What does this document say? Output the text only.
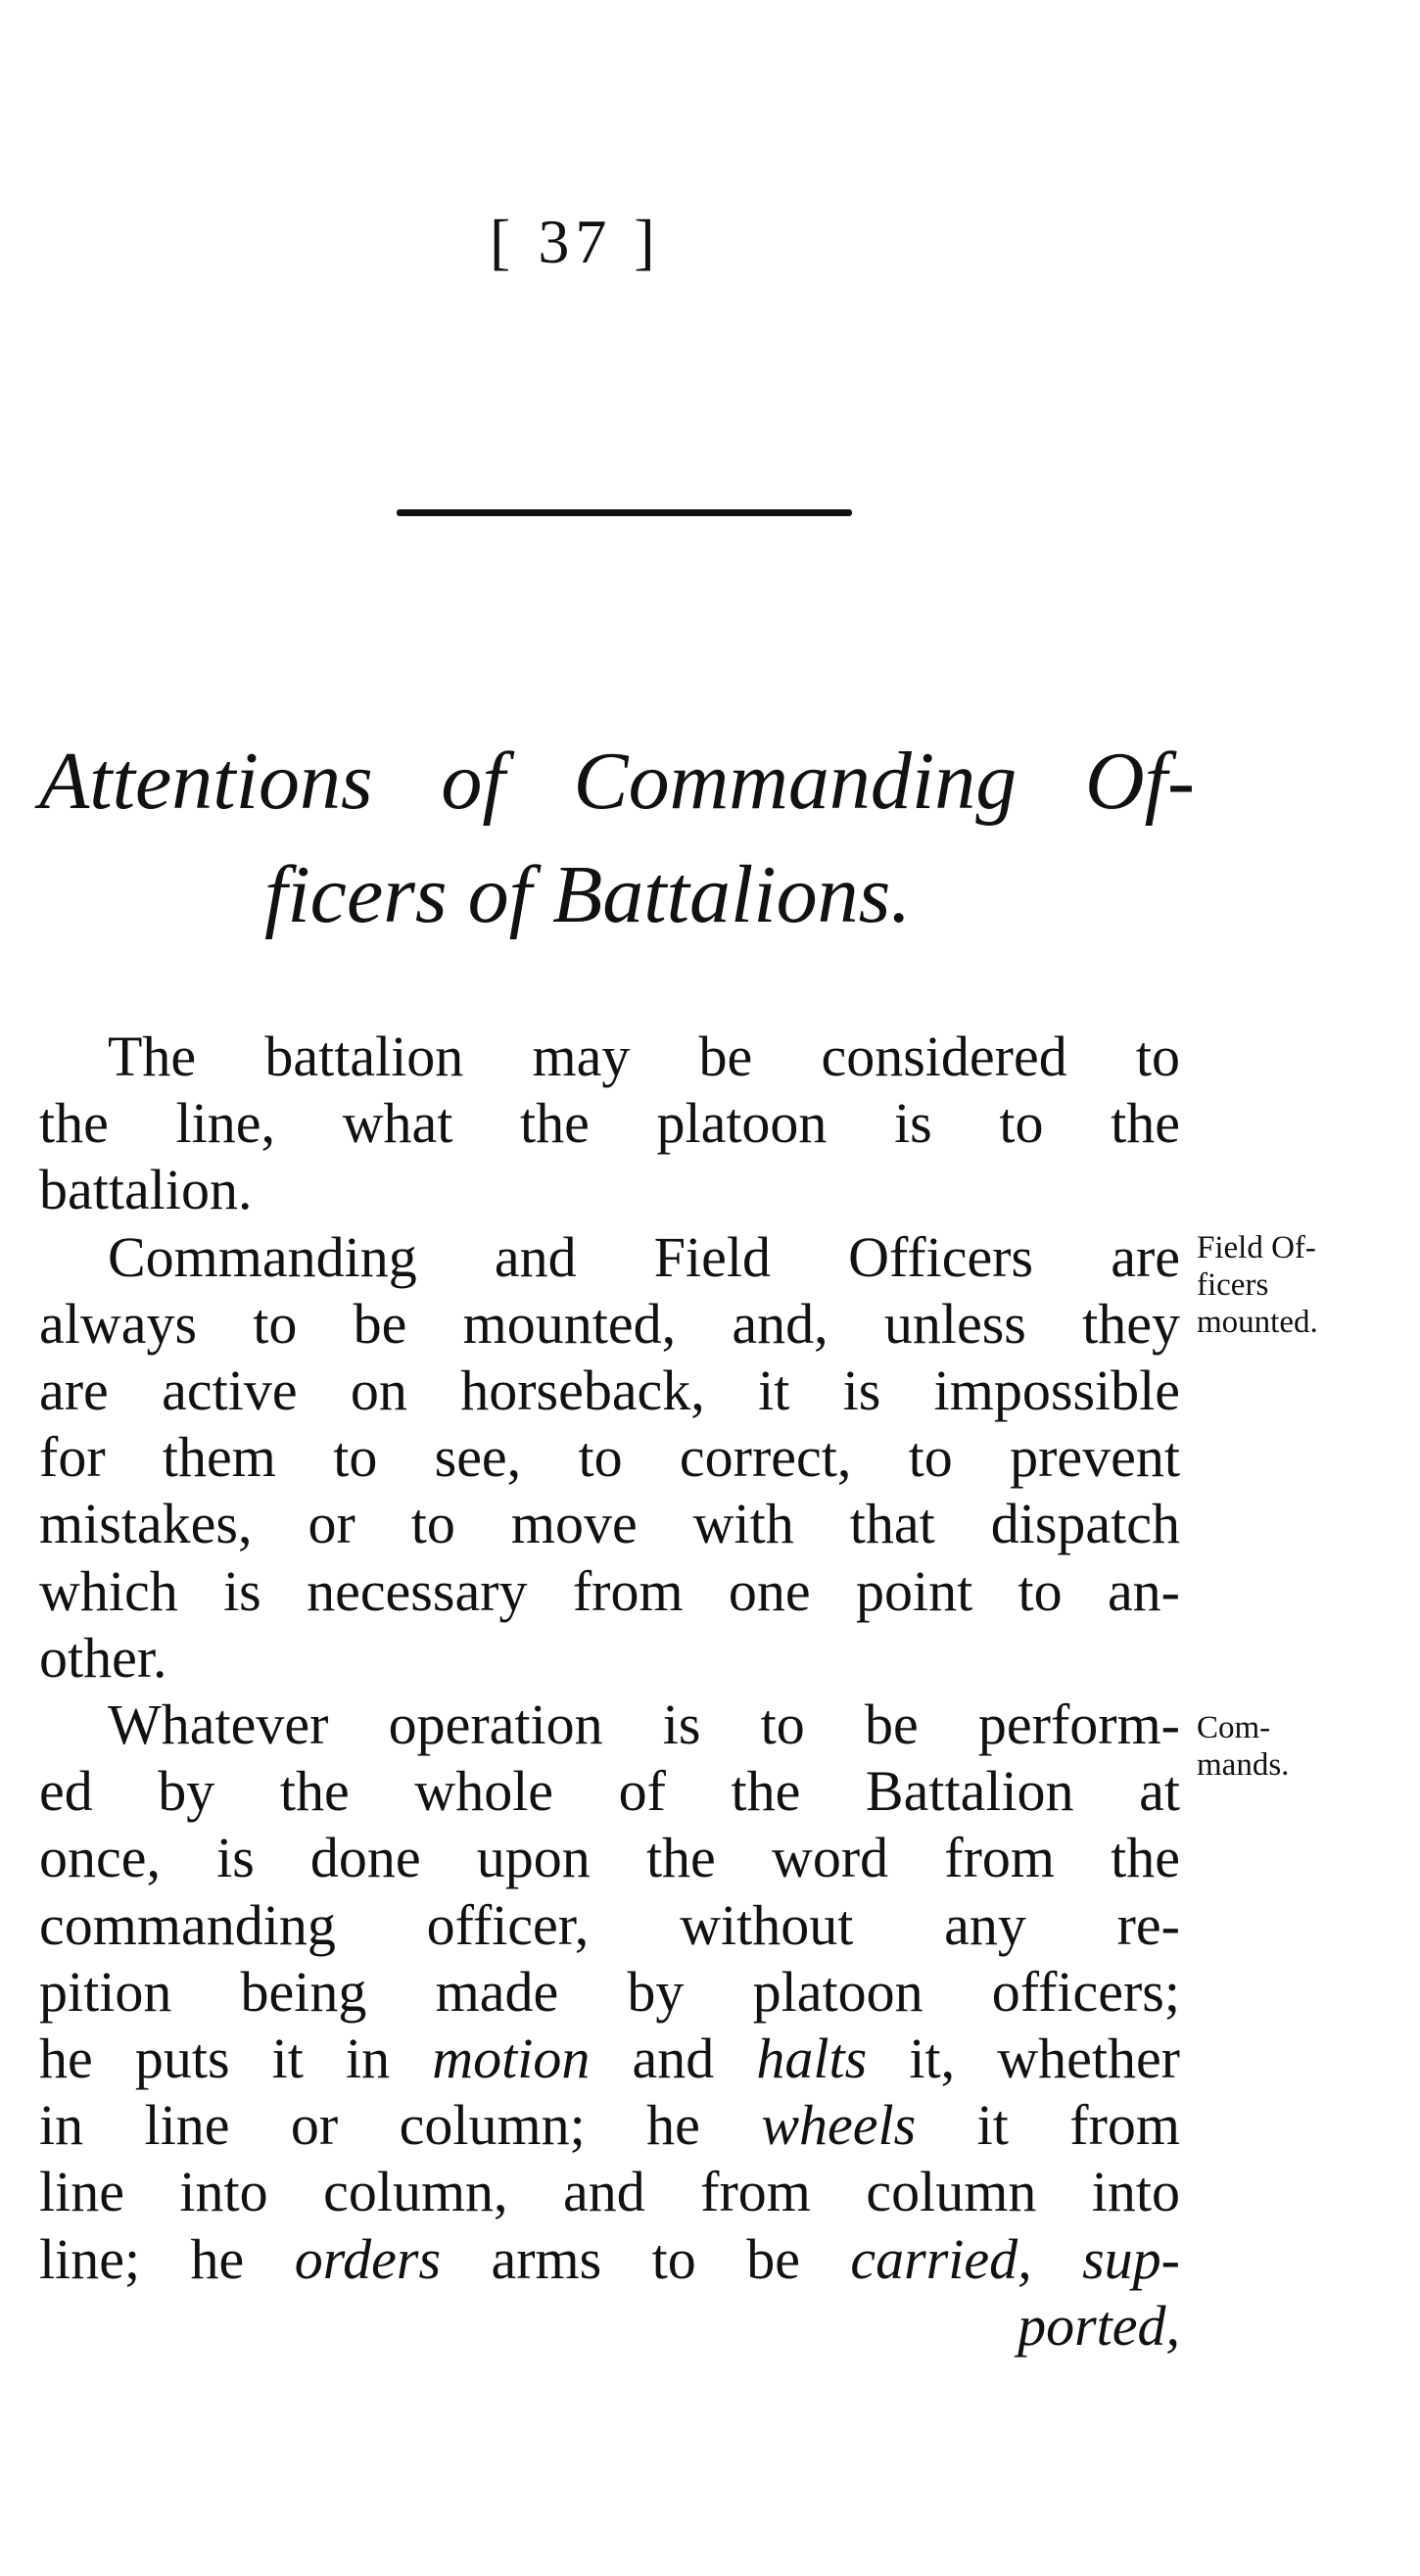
[ 37 ]
Attentions of Commanding Of-
ficers of Battalions.

The battalion may be considered to
the line, what the platoon is to the
battalion.

Commanding and Field Officers are
always to be mounted, and, unless they
are active on horseback, it is impossible
for them to see, to correct, to prevent
mistakes, or to move with that dispatch
which is necessary from one point to an-
other.

Whatever operation is to be perform-
ed by the whole of the Battalion at
once, is done upon the word from the
commanding officer, without any re-
pition being made by platoon officers;
he puts it in motion and halts it, whether
in line or column; he wheels it from
line into column, and from column into
line; he orders arms to be carried, sup-
ported,

Field Of-
ficers
mounted.
Com-
mands.
